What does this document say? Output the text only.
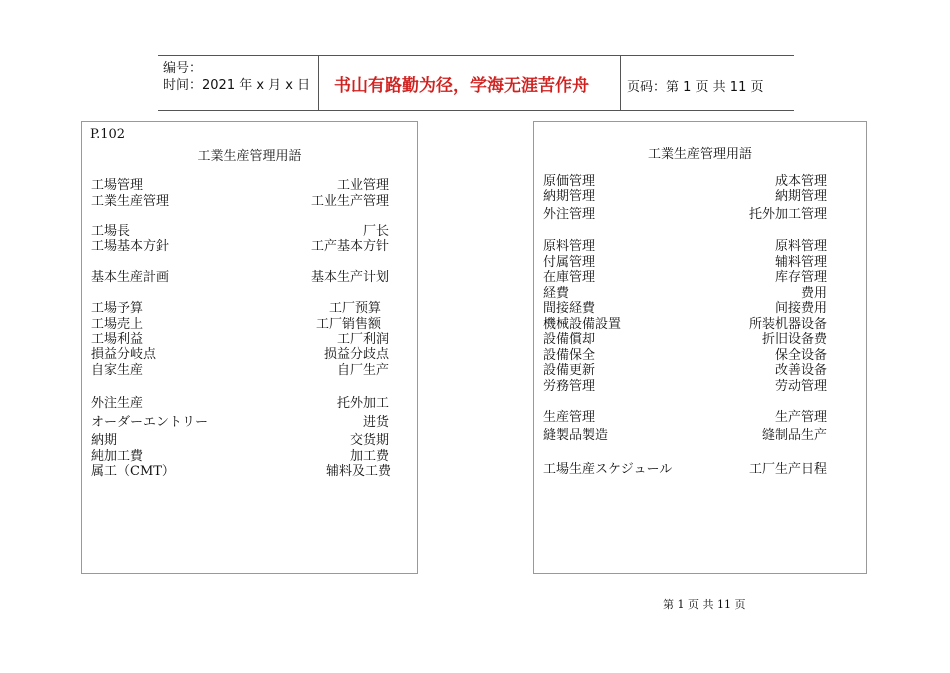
编号：
时间：2021 年 x 月 x 日 书山有路勤为径，学海无涯苦作舟	页码：第 1 页 共 11 页
P.102
工業生産管理用語
工場管理	工业管理
工業生産管理	工业生产管理
工場長	厂长
工場基本方針	工产基本方针
基本生産計画	基本生产计划
工場予算	工厂预算
工場売上	工厂销售额
工場利益	工厂利润
損益分岐点	损益分歧点
自家生産	自厂生产
外注生産	托外加工
オーダーエントリー	进货
納期	交货期
純加工費	加工费
属工（CMT）	辅料及工费
工業生産管理用語
原価管理	成本管理
納期管理	納期管理
外注管理	托外加工管理
原料管理	原料管理
付属管理	辅料管理
在庫管理	库存管理
経費	费用
間接経費	间接费用
機械設備設置	所装机器设备
設備償却	折旧设备费
設備保全	保全设备
設備更新	改善设备
労務管理	劳动管理
生産管理	生产管理
縫製品製造	缝制品生产
工場生産スケジュール	工厂生产日程
第 1 页 共 11 页
